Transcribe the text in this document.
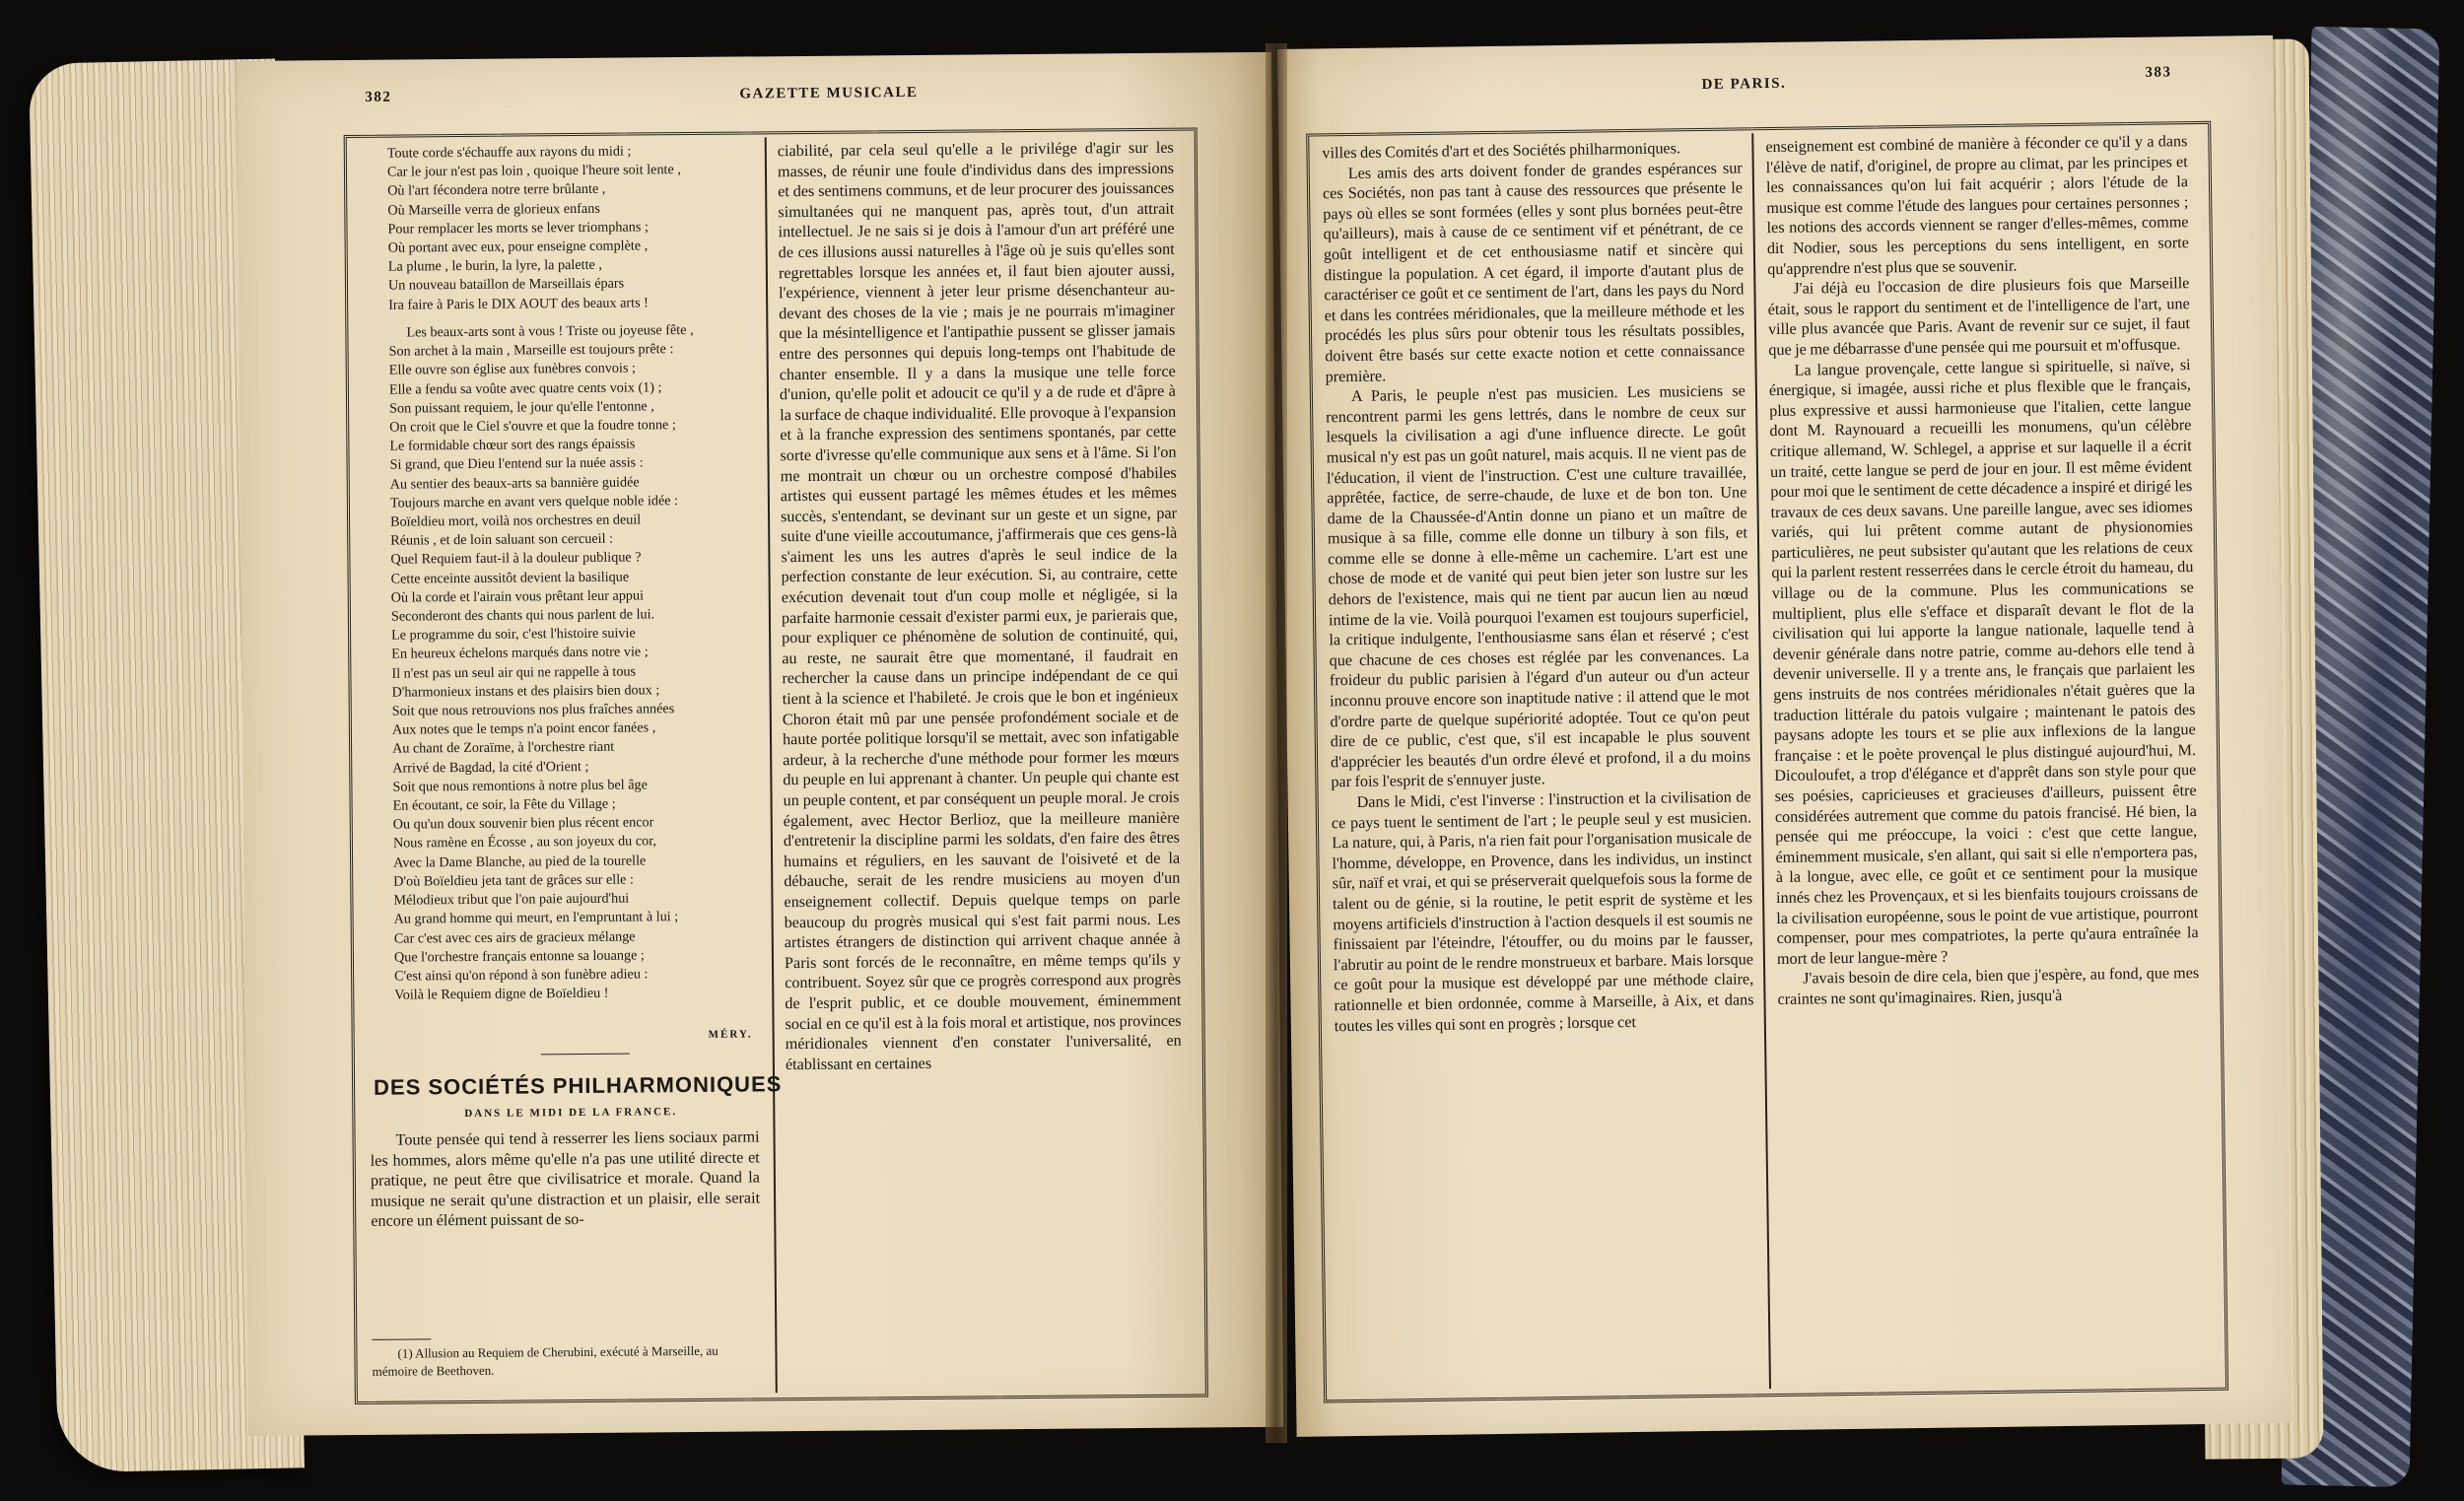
382	GAZETTE MUSICALE
Toute corde s'échauffe aux rayons du midi ;
Car le jour n'est pas loin , quoique l'heure soit lente ,
Où l'art fécondera notre terre brûlante ,
Où Marseille verra de glorieux enfans
Pour remplacer les morts se lever triomphans ;
Où portant avec eux, pour enseigne complète ,
La plume , le burin, la lyre, la palette ,
Un nouveau bataillon de Marseillais épars
Ira faire à Paris le DIX AOUT des beaux arts !
Les beaux-arts sont à vous ! Triste ou joyeuse fête ,
Son archet à la main , Marseille est toujours prête :
Elle ouvre son église aux funèbres convois ;
Elle a fendu sa voûte avec quatre cents voix (1) ;
Son puissant requiem, le jour qu'elle l'entonne ,
On croit que le Ciel s'ouvre et que la foudre tonne ;
Le formidable chœur sort des rangs épaissis
Si grand, que Dieu l'entend sur la nuée assis :
Au sentier des beaux-arts sa bannière guidée
Toujours marche en avant vers quelque noble idée :
Boïeldieu mort, voilà nos orchestres en deuil
Réunis , et de loin saluant son cercueil :
Quel Requiem faut-il à la douleur publique ?
Cette enceinte aussitôt devient la basilique
Où la corde et l'airain vous prêtant leur appui
Seconderont des chants qui nous parlent de lui.
Le programme du soir, c'est l'histoire suivie
En heureux échelons marqués dans notre vie ;
Il n'est pas un seul air qui ne rappelle à tous
D'harmonieux instans et des plaisirs bien doux ;
Soit que nous retrouvions nos plus fraîches années
Aux notes que le temps n'a point encor fanées ,
Au chant de Zoraïme, à l'orchestre riant
Arrivé de Bagdad, la cité d'Orient ;
Soit que nous remontions à notre plus bel âge
En écoutant, ce soir, la Fête du Village ;
Ou qu'un doux souvenir bien plus récent encor
Nous ramène en Écosse , au son joyeux du cor,
Avec la Dame Blanche, au pied de la tourelle
D'où Boïeldieu jeta tant de grâces sur elle :
Mélodieux tribut que l'on paie aujourd'hui
Au grand homme qui meurt, en l'empruntant à lui ;
Car c'est avec ces airs de gracieux mélange
Que l'orchestre français entonne sa louange ;
C'est ainsi qu'on répond à son funèbre adieu :
Voilà le Requiem digne de Boïeldieu !
MÉRY.
DES SOCIÉTÉS PHILHARMONIQUES
DANS LE MIDI DE LA FRANCE.

Toute pensée qui tend à resserrer les liens sociaux parmi les hommes, alors même qu'elle n'a pas une utilité directe et pratique, ne peut être que civilisatrice et morale. Quand la musique ne serait qu'une distraction et un plaisir, elle serait encore un élément puissant de so-

(1) Allusion au Requiem de Cherubini, exécuté à Marseille, au mémoire de Beethoven.

ciabilité, par cela seul qu'elle a le privilége d'agir sur les masses, de réunir une foule d'individus dans des impressions et des sentimens communs, et de leur procurer des jouissances simultanées qui ne manquent pas, après tout, d'un attrait intellectuel. Je ne sais si je dois à l'amour d'un art préféré une de ces illusions aussi naturelles à l'âge où je suis qu'elles sont regrettables lorsque les années et, il faut bien ajouter aussi, l'expérience, viennent à jeter leur prisme désenchanteur au-devant des choses de la vie ; mais je ne pourrais m'imaginer que la mésintelligence et l'antipathie pussent se glisser jamais entre des personnes qui depuis long-temps ont l'habitude de chanter ensemble. Il y a dans la musique une telle force d'union, qu'elle polit et adoucit ce qu'il y a de rude et d'âpre à la surface de chaque individualité. Elle provoque à l'expansion et à la franche expression des sentimens spontanés, par cette sorte d'ivresse qu'elle communique aux sens et à l'âme. Si l'on me montrait un chœur ou un orchestre composé d'habiles artistes qui eussent partagé les mêmes études et les mêmes succès, s'entendant, se devinant sur un geste et un signe, par suite d'une vieille accoutumance, j'affirmerais que ces gens-là s'aiment les uns les autres d'après le seul indice de la perfection constante de leur exécution. Si, au contraire, cette exécution devenait tout d'un coup molle et négligée, si la parfaite harmonie cessait d'exister parmi eux, je parierais que, pour expliquer ce phénomène de solution de continuité, qui, au reste, ne saurait être que momentané, il faudrait en rechercher la cause dans un principe indépendant de ce qui tient à la science et l'habileté. Je crois que le bon et ingénieux Choron était mû par une pensée profondément sociale et de haute portée politique lorsqu'il se mettait, avec son infatigable ardeur, à la recherche d'une méthode pour former les mœurs du peuple en lui apprenant à chanter. Un peuple qui chante est un peuple content, et par conséquent un peuple moral. Je crois également, avec Hector Berlioz, que la meilleure manière d'entretenir la discipline parmi les soldats, d'en faire des êtres humains et réguliers, en les sauvant de l'oisiveté et de la débauche, serait de les rendre musiciens au moyen d'un enseignement collectif. Depuis quelque temps on parle beaucoup du progrès musical qui s'est fait parmi nous. Les artistes étrangers de distinction qui arrivent chaque année à Paris sont forcés de le reconnaître, en même temps qu'ils y contribuent. Soyez sûr que ce progrès correspond aux progrès de l'esprit public, et ce double mouvement, éminemment social en ce qu'il est à la fois moral et artistique, nos provinces méridionales viennent d'en constater l'universalité, en établissant en certaines

DE PARIS.
383

villes des Comités d'art et des Sociétés philharmoniques.

Les amis des arts doivent fonder de grandes espérances sur ces Sociétés, non pas tant à cause des ressources que présente le pays où elles se sont formées (elles y sont plus bornées peut-être qu'ailleurs), mais à cause de ce sentiment vif et pénétrant, de ce goût intelligent et de cet enthousiasme natif et sincère qui distingue la population. A cet égard, il importe d'autant plus de caractériser ce goût et ce sentiment de l'art, dans les pays du Nord et dans les contrées méridionales, que la meilleure méthode et les procédés les plus sûrs pour obtenir tous les résultats possibles, doivent être basés sur cette exacte notion et cette connaissance première.

A Paris, le peuple n'est pas musicien. Les musiciens se rencontrent parmi les gens lettrés, dans le nombre de ceux sur lesquels la civilisation a agi d'une influence directe. Le goût musical n'y est pas un goût naturel, mais acquis. Il ne vient pas de l'éducation, il vient de l'instruction. C'est une culture travaillée, apprêtée, factice, de serre-chaude, de luxe et de bon ton. Une dame de la Chaussée-d'Antin donne un piano et un maître de musique à sa fille, comme elle donne un tilbury à son fils, et comme elle se donne à elle-même un cachemire. L'art est une chose de mode et de vanité qui peut bien jeter son lustre sur les dehors de l'existence, mais qui ne tient par aucun lien au nœud intime de la vie. Voilà pourquoi l'examen est toujours superficiel, la critique indulgente, l'enthousiasme sans élan et réservé ; c'est que chacune de ces choses est réglée par les convenances. La froideur du public parisien à l'égard d'un auteur ou d'un acteur inconnu prouve encore son inaptitude native : il attend que le mot d'ordre parte de quelque supériorité adoptée. Tout ce qu'on peut dire de ce public, c'est que, s'il est incapable le plus souvent d'apprécier les beautés d'un ordre élevé et profond, il a du moins par fois l'esprit de s'ennuyer juste.

Dans le Midi, c'est l'inverse : l'instruction et la civilisation de ce pays tuent le sentiment de l'art ; le peuple seul y est musicien. La nature, qui, à Paris, n'a rien fait pour l'organisation musicale de l'homme, développe, en Provence, dans les individus, un instinct sûr, naïf et vrai, et qui se préserverait quelquefois sous la forme de talent ou de génie, si la routine, le petit esprit de système et les moyens artificiels d'instruction à l'action desquels il est soumis ne finissaient par l'éteindre, l'étouffer, ou du moins par le fausser, l'abrutir au point de le rendre monstrueux et barbare. Mais lorsque ce goût pour la musique est développé par une méthode claire, rationnelle et bien ordonnée, comme à Marseille, à Aix, et dans toutes les villes qui sont en progrès ; lorsque cet

enseignement est combiné de manière à féconder ce qu'il y a dans l'élève de natif, d'originel, de propre au climat, par les principes et les connaissances qu'on lui fait acquérir ; alors l'étude de la musique est comme l'étude des langues pour certaines personnes ; les notions des accords viennent se ranger d'elles-mêmes, comme dit Nodier, sous les perceptions du sens intelligent, en sorte qu'apprendre n'est plus que se souvenir.

J'ai déjà eu l'occasion de dire plusieurs fois que Marseille était, sous le rapport du sentiment et de l'intelligence de l'art, une ville plus avancée que Paris. Avant de revenir sur ce sujet, il faut que je me débarrasse d'une pensée qui me poursuit et m'offusque.

La langue provençale, cette langue si spirituelle, si naïve, si énergique, si imagée, aussi riche et plus flexible que le français, plus expressive et aussi harmonieuse que l'italien, cette langue dont M. Raynouard a recueilli les monumens, qu'un célèbre critique allemand, W. Schlegel, a apprise et sur laquelle il a écrit un traité, cette langue se perd de jour en jour. Il est même évident pour moi que le sentiment de cette décadence a inspiré et dirigé les travaux de ces deux savans. Une pareille langue, avec ses idiomes variés, qui lui prêtent comme autant de physionomies particulières, ne peut subsister qu'autant que les relations de ceux qui la parlent restent resserrées dans le cercle étroit du hameau, du village ou de la commune. Plus les communications se multiplient, plus elle s'efface et disparaît devant le flot de la civilisation qui lui apporte la langue nationale, laquelle tend à devenir générale dans notre patrie, comme au-dehors elle tend à devenir universelle. Il y a trente ans, le français que parlaient les gens instruits de nos contrées méridionales n'était guères que la traduction littérale du patois vulgaire ; maintenant le patois des paysans adopte les tours et se plie aux inflexions de la langue française : et le poète provençal le plus distingué aujourd'hui, M. Dicouloufet, a trop d'élégance et d'apprêt dans son style pour que ses poésies, capricieuses et gracieuses d'ailleurs, puissent être considérées autrement que comme du patois francisé. Hé bien, la pensée qui me préoccupe, la voici : c'est que cette langue, éminemment musicale, s'en allant, qui sait si elle n'emportera pas, à la longue, avec elle, ce goût et ce sentiment pour la musique innés chez les Provençaux, et si les bienfaits toujours croissans de la civilisation européenne, sous le point de vue artistique, pourront compenser, pour mes compatriotes, la perte qu'aura entraînée la mort de leur langue-mère ?

J'avais besoin de dire cela, bien que j'espère, au fond, que mes craintes ne sont qu'imaginaires. Rien, jusqu'à
